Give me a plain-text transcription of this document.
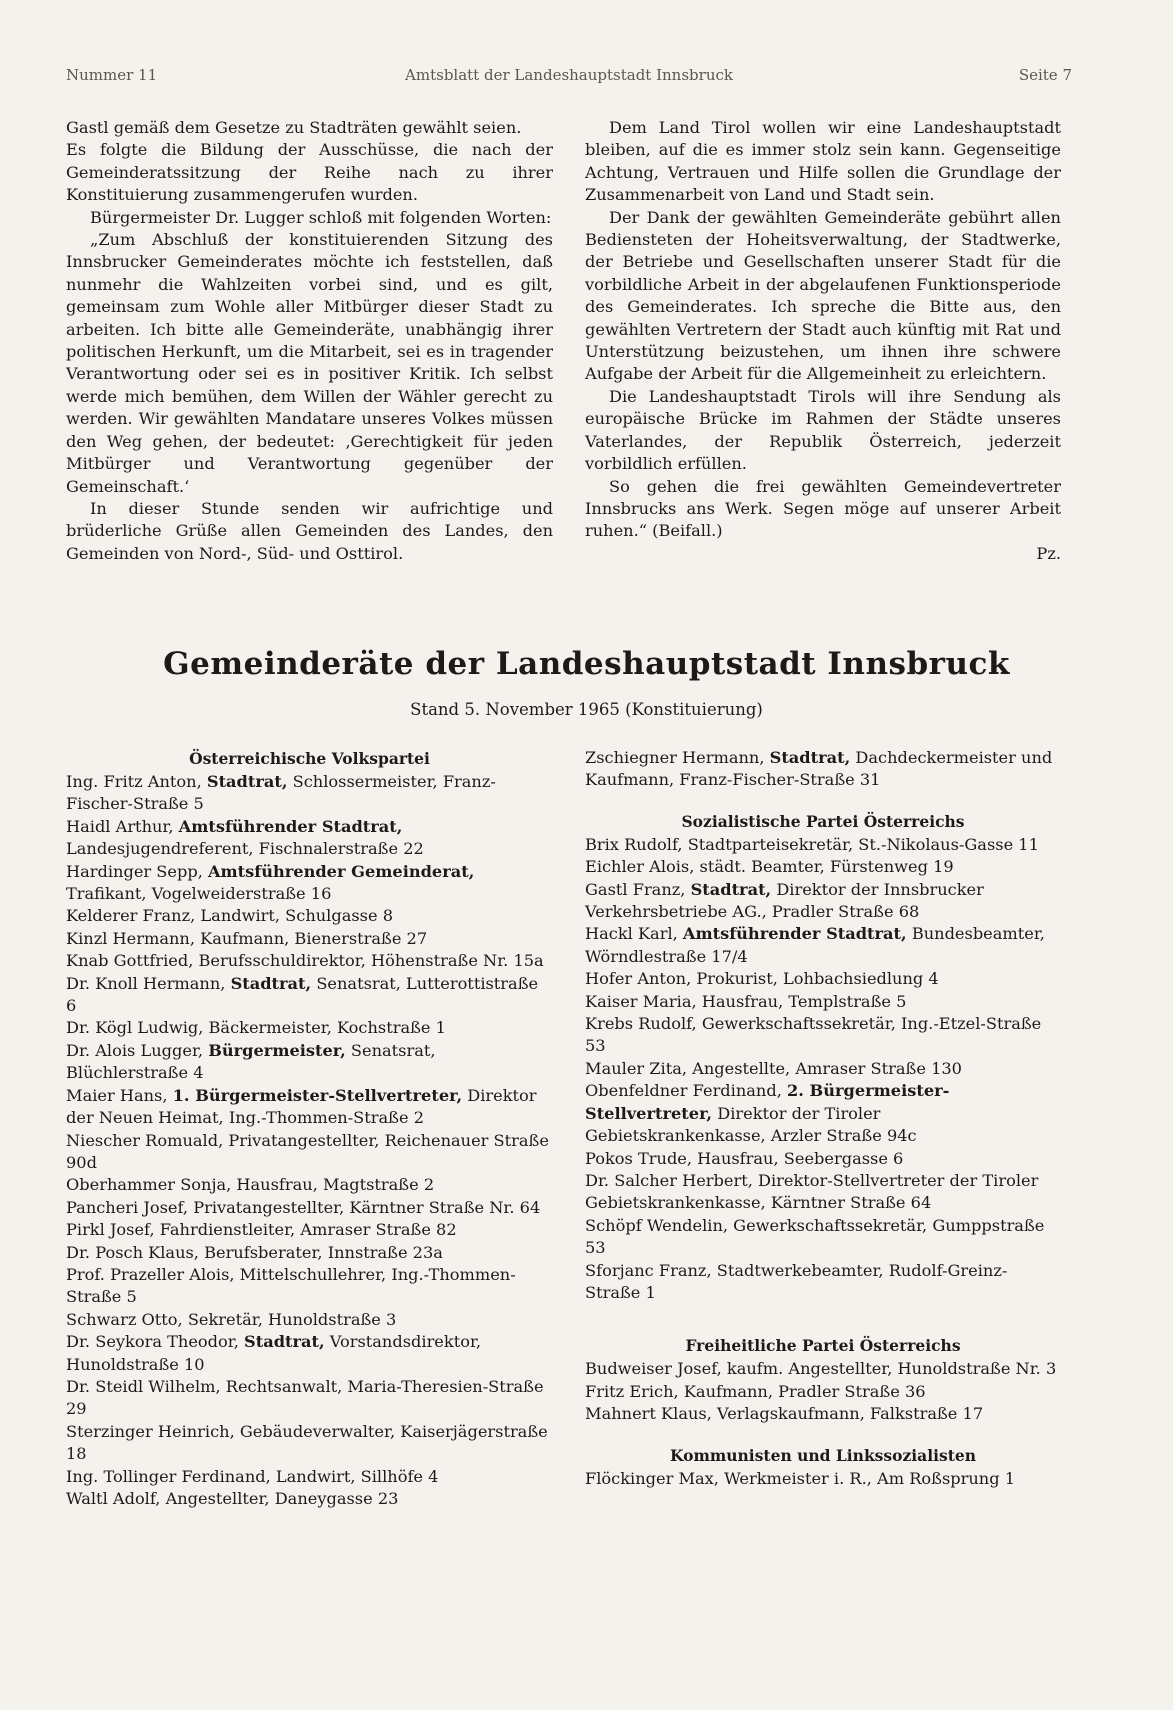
Nummer 11	Amtsblatt der Landeshauptstadt Innsbruck	Seite 7

Gastl gemäß dem Gesetze zu Stadträten gewählt seien.

Es folgte die Bildung der Ausschüsse, die nach der Gemeinderatssitzung der Reihe nach zu ihrer Konstituierung zusammengerufen wurden.

Bürgermeister Dr. Lugger schloß mit folgenden Worten:

„Zum Abschluß der konstituierenden Sitzung des Innsbrucker Gemeinderates möchte ich feststellen, daß nunmehr die Wahlzeiten vorbei sind, und es gilt, gemeinsam zum Wohle aller Mitbürger dieser Stadt zu arbeiten. Ich bitte alle Gemeinderäte, unabhängig ihrer politischen Herkunft, um die Mitarbeit, sei es in tragender Verantwortung oder sei es in positiver Kritik. Ich selbst werde mich bemühen, dem Willen der Wähler gerecht zu werden. Wir gewählten Mandatare unseres Volkes müssen den Weg gehen, der bedeutet: ‚Gerechtigkeit für jeden Mitbürger und Verantwortung gegenüber der Gemeinschaft.‘

In dieser Stunde senden wir aufrichtige und brüderliche Grüße allen Gemeinden des Landes, den Gemeinden von Nord-, Süd- und Osttirol.

Dem Land Tirol wollen wir eine Landeshauptstadt bleiben, auf die es immer stolz sein kann. Gegenseitige Achtung, Vertrauen und Hilfe sollen die Grundlage der Zusammenarbeit von Land und Stadt sein.

Der Dank der gewählten Gemeinderäte gebührt allen Bediensteten der Hoheitsverwaltung, der Stadtwerke, der Betriebe und Gesellschaften unserer Stadt für die vorbildliche Arbeit in der abgelaufenen Funktionsperiode des Gemeinderates. Ich spreche die Bitte aus, den gewählten Vertretern der Stadt auch künftig mit Rat und Unterstützung beizustehen, um ihnen ihre schwere Aufgabe der Arbeit für die Allgemeinheit zu erleichtern.

Die Landeshauptstadt Tirols will ihre Sendung als europäische Brücke im Rahmen der Städte unseres Vaterlandes, der Republik Österreich, jederzeit vorbildlich erfüllen.

So gehen die frei gewählten Gemeindevertreter Innsbrucks ans Werk. Segen möge auf unserer Arbeit ruhen.“ (Beifall.)

Pz.

Gemeinderäte der Landeshauptstadt Innsbruck
Stand 5. November 1965 (Konstituierung)
Österreichische Volkspartei

Ing. Fritz Anton, Stadtrat, Schlossermeister, Franz-Fischer-Straße 5

Haidl Arthur, Amtsführender Stadtrat, Landesjugendreferent, Fischnalerstraße 22

Hardinger Sepp, Amtsführender Gemeinderat, Trafikant, Vogelweiderstraße 16

Kelderer Franz, Landwirt, Schulgasse 8

Kinzl Hermann, Kaufmann, Bienerstraße 27

Knab Gottfried, Berufsschuldirektor, Höhenstraße Nr. 15a

Dr. Knoll Hermann, Stadtrat, Senatsrat, Lutterottistraße 6

Dr. Kögl Ludwig, Bäckermeister, Kochstraße 1

Dr. Alois Lugger, Bürgermeister, Senatsrat, Blüchlerstraße 4

Maier Hans, 1. Bürgermeister-Stellvertreter, Direktor der Neuen Heimat, Ing.-Thommen-Straße 2

Niescher Romuald, Privatangestellter, Reichenauer Straße 90d

Oberhammer Sonja, Hausfrau, Magtstraße 2

Pancheri Josef, Privatangestellter, Kärntner Straße Nr. 64

Pirkl Josef, Fahrdienstleiter, Amraser Straße 82

Dr. Posch Klaus, Berufsberater, Innstraße 23a

Prof. Prazeller Alois, Mittelschullehrer, Ing.-Thommen-Straße 5

Schwarz Otto, Sekretär, Hunoldstraße 3

Dr. Seykora Theodor, Stadtrat, Vorstandsdirektor, Hunoldstraße 10

Dr. Steidl Wilhelm, Rechtsanwalt, Maria-Theresien-Straße 29

Sterzinger Heinrich, Gebäudeverwalter, Kaiserjägerstraße 18

Ing. Tollinger Ferdinand, Landwirt, Sillhöfe 4

Waltl Adolf, Angestellter, Daneygasse 23

Zschiegner Hermann, Stadtrat, Dachdeckermeister und Kaufmann, Franz-Fischer-Straße 31

Sozialistische Partei Österreichs

Brix Rudolf, Stadtparteisekretär, St.-Nikolaus-Gasse 11

Eichler Alois, städt. Beamter, Fürstenweg 19

Gastl Franz, Stadtrat, Direktor der Innsbrucker Verkehrsbetriebe AG., Pradler Straße 68

Hackl Karl, Amtsführender Stadtrat, Bundesbeamter, Wörndlestraße 17/4

Hofer Anton, Prokurist, Lohbachsiedlung 4

Kaiser Maria, Hausfrau, Templstraße 5

Krebs Rudolf, Gewerkschaftssekretär, Ing.-Etzel-Straße 53

Mauler Zita, Angestellte, Amraser Straße 130

Obenfeldner Ferdinand, 2. Bürgermeister-Stellvertreter, Direktor der Tiroler Gebietskrankenkasse, Arzler Straße 94c

Pokos Trude, Hausfrau, Seebergasse 6

Dr. Salcher Herbert, Direktor-Stellvertreter der Tiroler Gebietskrankenkasse, Kärntner Straße 64

Schöpf Wendelin, Gewerkschaftssekretär, Gumppstraße 53

Sforjanc Franz, Stadtwerkebeamter, Rudolf-Greinz-Straße 1

Freiheitliche Partei Österreichs

Budweiser Josef, kaufm. Angestellter, Hunoldstraße Nr. 3

Fritz Erich, Kaufmann, Pradler Straße 36

Mahnert Klaus, Verlagskaufmann, Falkstraße 17

Kommunisten und Linkssozialisten

Flöckinger Max, Werkmeister i. R., Am Roßsprung 1
